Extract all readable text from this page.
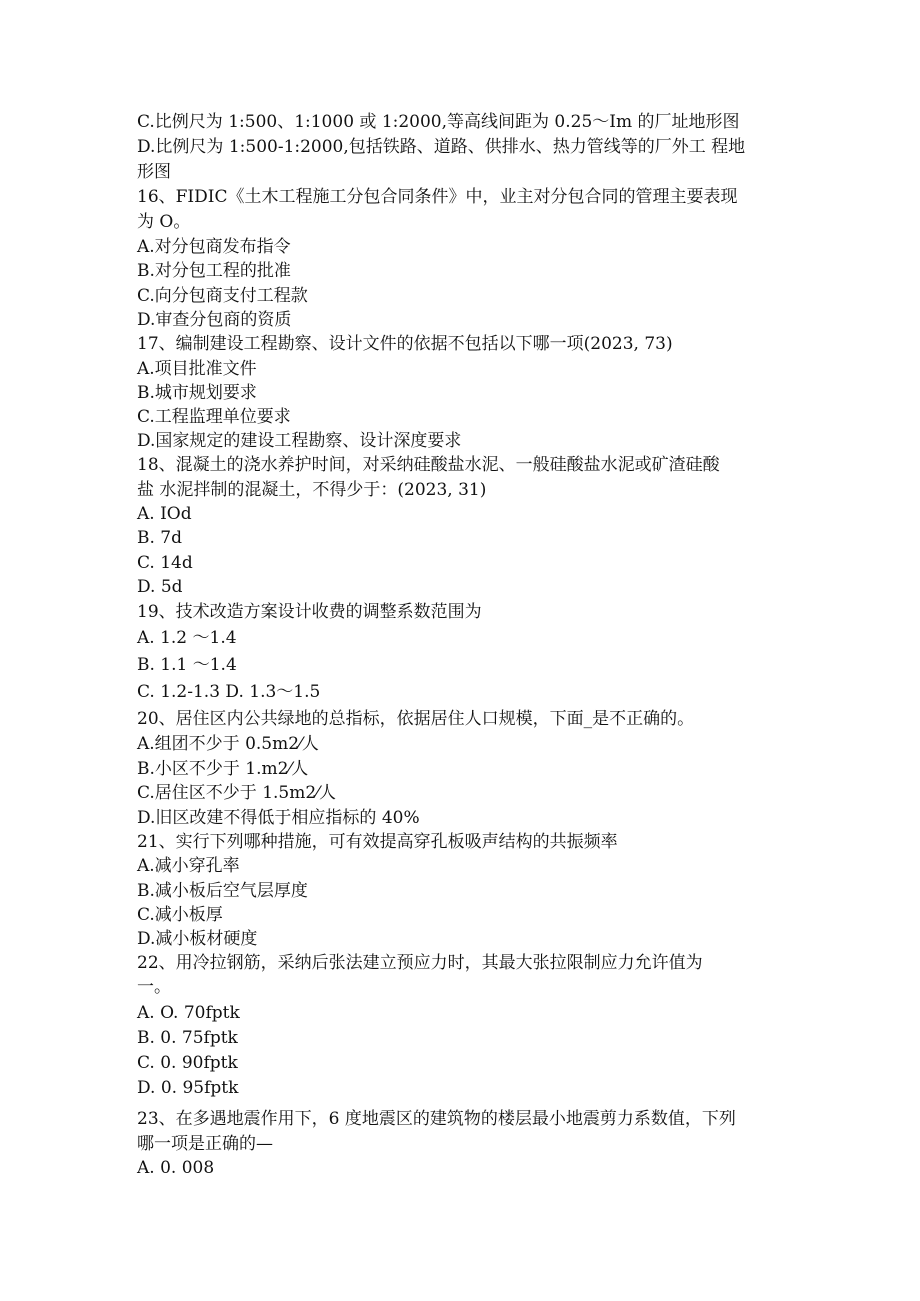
C.比例尺为 1:500、1:1000 或 1:2000,等高线间距为 0.25～Im 的厂址地形图
D.比例尺为 1:500-1:2000,包括铁路、道路、供排水、热力管线等的厂外工 程地
形图
16、FIDIC《土木工程施工分包合同条件》中，业主对分包合同的管理主要表现
为 O。
A.对分包商发布指令
B.对分包工程的批准
C.向分包商支付工程款
D.审查分包商的资质
17、编制建设工程勘察、设计文件的依据不包括以下哪一项(2023, 73)
A.项目批准文件
B.城市规划要求
C.工程监理单位要求
D.国家规定的建设工程勘察、设计深度要求
18、混凝土的浇水养护时间，对采纳硅酸盐水泥、一般硅酸盐水泥或矿渣硅酸
盐 水泥拌制的混凝土，不得少于：(2023, 31)
A. IOd
B. 7d
C. 14d
D. 5d
19、技术改造方案设计收费的调整系数范围为
A. 1.2 ～1.4
B. 1.1 ～1.4
C. 1.2-1.3 D. 1.3～1.5
20、居住区内公共绿地的总指标，依据居住人口规模，下面_是不正确的。
A.组团不少于 0.5m2⁄人
B.小区不少于 1.m2⁄人
C.居住区不少于 1.5m2⁄人
D.旧区改建不得低于相应指标的 40%
21、实行下列哪种措施，可有效提高穿孔板吸声结构的共振频率
A.减小穿孔率
B.减小板后空气层厚度
C.减小板厚
D.减小板材硬度
22、用冷拉钢筋，采纳后张法建立预应力时，其最大张拉限制应力允许值为
一。
A. O. 70fptk
B. 0. 75fptk
C. 0. 90fptk
D. 0. 95fptk
23、在多遇地震作用下，6 度地震区的建筑物的楼层最小地震剪力系数值，下列
哪一项是正确的—
A. 0. 008
